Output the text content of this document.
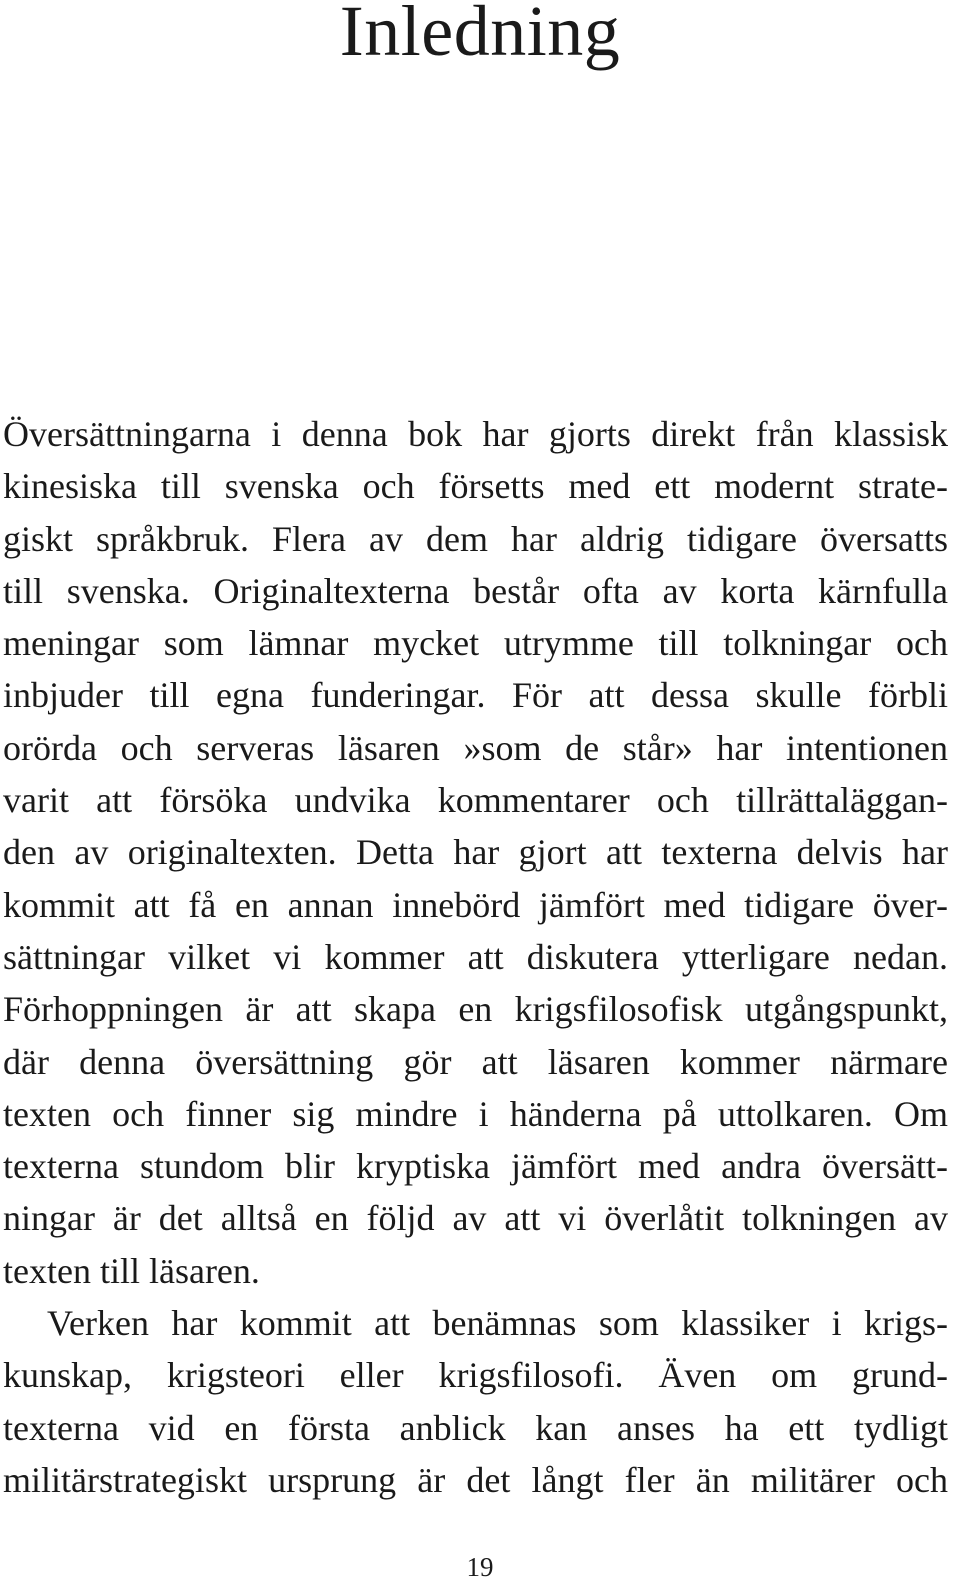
Inledning
Översättningarna i denna bok har gjorts direkt från klassisk
kinesiska till svenska och försetts med ett modernt strate-
giskt språkbruk. Flera av dem har aldrig tidigare översatts
till svenska. Originaltexterna består ofta av korta kärnfulla
meningar som lämnar mycket utrymme till tolkningar och
inbjuder till egna funderingar. För att dessa skulle förbli
orörda och serveras läsaren »som de står» har intentionen
varit att försöka undvika kommentarer och tillrättaläggan-
den av originaltexten. Detta har gjort att texterna delvis har
kommit att få en annan innebörd jämfört med tidigare över-
sättningar vilket vi kommer att diskutera ytterligare nedan.
Förhoppningen är att skapa en krigsfilosofisk utgångspunkt,
där denna översättning gör att läsaren kommer närmare
texten och finner sig mindre i händerna på uttolkaren. Om
texterna stundom blir kryptiska jämfört med andra översätt-
ningar är det alltså en följd av att vi överlåtit tolkningen av
texten till läsaren.
Verken har kommit att benämnas som klassiker i krigs-
kunskap, krigsteori eller krigsfilosofi. Även om grund-
texterna vid en första anblick kan anses ha ett tydligt
militärstrategiskt ursprung är det långt fler än militärer och
19
